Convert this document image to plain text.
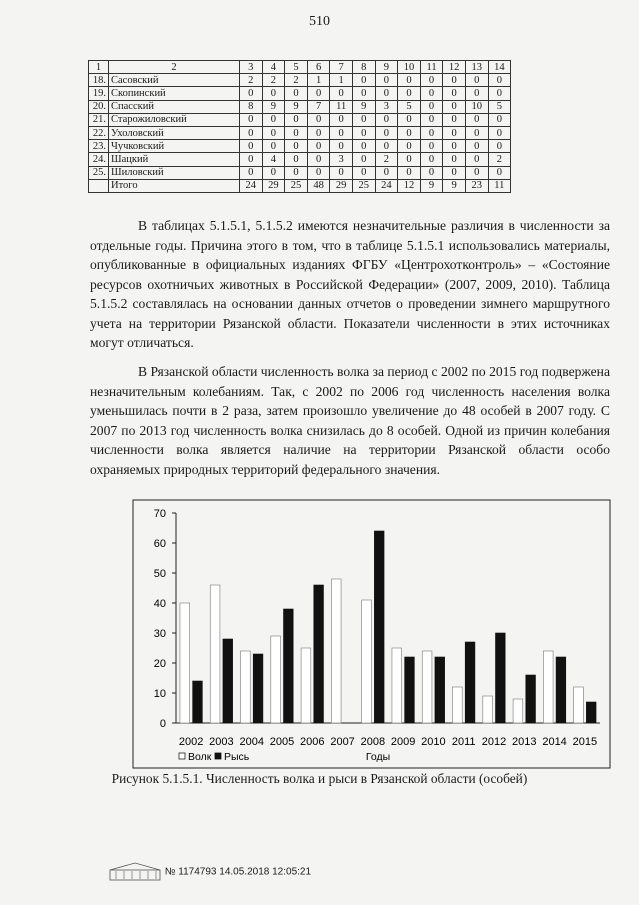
510
1	2	3	4	5	6	7	8	9	10	11	12	13	14
18.	Сасовский	2	2	2	1	1	0	0	0	0	0	0	0
19.	Скопинский	0	0	0	0	0	0	0	0	0	0	0	0
20.	Спасский	8	9	9	7	11	9	3	5	0	0	10	5
21.	Старожиловский	0	0	0	0	0	0	0	0	0	0	0	0
22.	Ухоловский	0	0	0	0	0	0	0	0	0	0	0	0
23.	Чучковский	0	0	0	0	0	0	0	0	0	0	0	0
24.	Шацкий	0	4	0	0	3	0	2	0	0	0	0	2
25.	Шиловский	0	0	0	0	0	0	0	0	0	0	0	0
	Итого	24	29	25	48	29	25	24	12	9	9	23	11

В таблицах 5.1.5.1, 5.1.5.2 имеются незначительные различия в численности за отдельные годы. Причина этого в том, что в таблице 5.1.5.1 использовались материалы, опубликованные в официальных изданиях ФГБУ «Центрохотконтроль» – «Состояние ресурсов охотничьих животных в Российской Федерации» (2007, 2009, 2010). Таблица 5.1.5.2 составлялась на основании данных отчетов о проведении зимнего маршрутного учета на территории Рязанской области. Показатели численности в этих источниках могут отличаться.

В Рязанской области численность волка за период с 2002 по 2015 год подвержена незначительным колебаниям. Так, с 2002 по 2006 год численность населения волка уменьшилась почти в 2 раза, затем произошло увеличение до 48 особей в 2007 году. С 2007 по 2013 год численность волка снизилась до 8 особей. Одной из причин колебания численности волка является наличие на территории Рязанской области особо охраняемых природных территорий федерального значения.

0
10
20
30
40
50
60
70
2002 2003 2004 2005 2006 2007 2008 2009 2010 2011 2012 2013 2014 2015
Волк Рысь	Годы
Рисунок 5.1.5.1. Численность волка и рыси в Рязанской области (особей)
№ 1174793 14.05.2018 12:05:21
